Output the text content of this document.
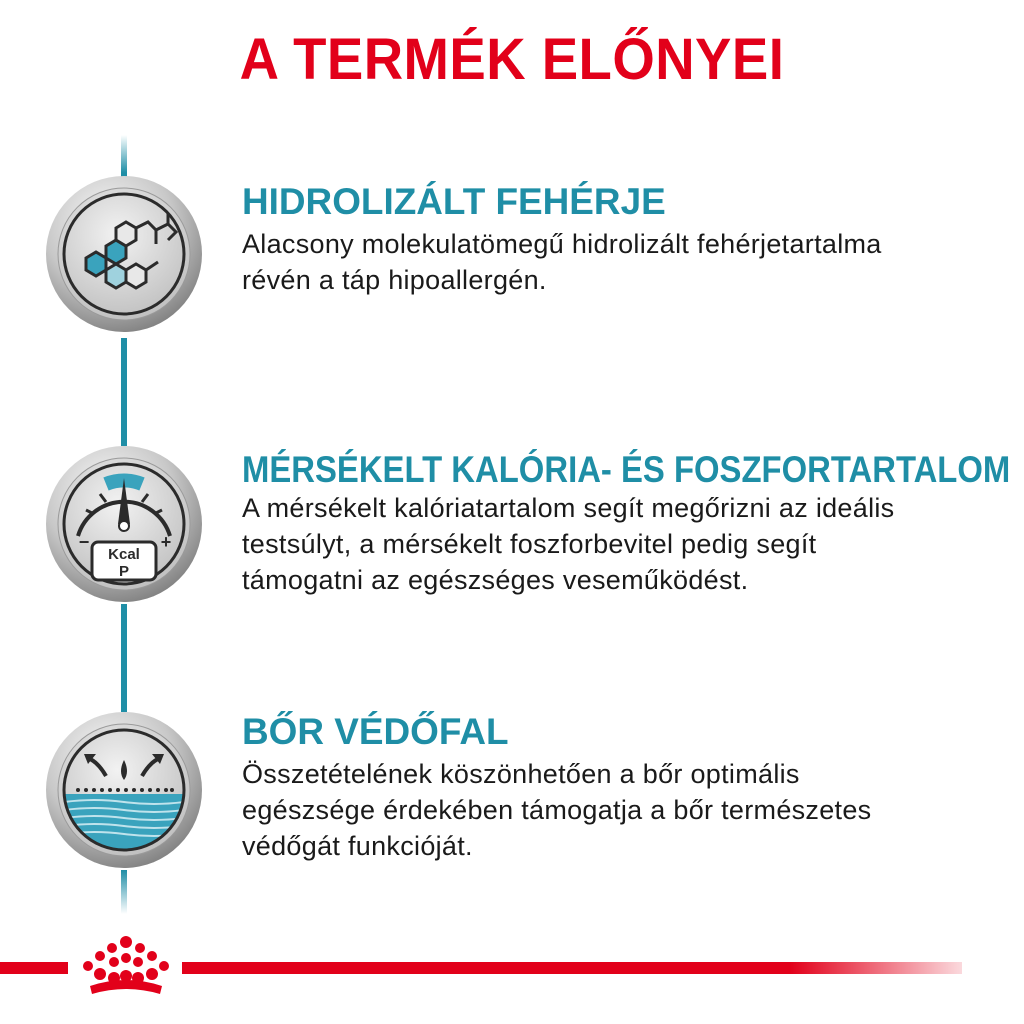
A TERMÉK ELŐNYEI
HIDROLIZÁLT FEHÉRJE
Alacsony molekulatömegű hidrolizált fehérjetartalma
révén a táp hipoallergén.
Kcal
P
−	+
MÉRSÉKELT KALÓRIA- ÉS FOSZFORTARTALOM
A mérsékelt kalóriatartalom segít megőrizni az ideális
testsúlyt, a mérsékelt foszforbevitel pedig segít
támogatni az egészséges veseműködést.
BŐR VÉDŐFAL
Összetételének köszönhetően a bőr optimális
egészsége érdekében támogatja a bőr természetes
védőgát funkcióját.
